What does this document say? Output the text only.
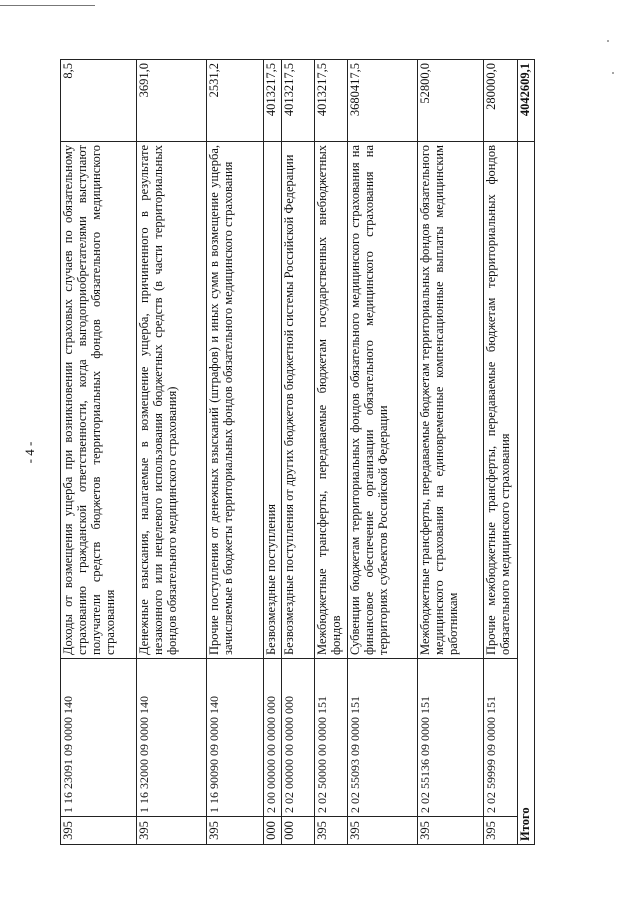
- 4 -
395	1 16 23091 09 0000 140	Доходы от возмещения ущерба при возникновении страховых случаев по обязательному страхованию гражданской ответственности, когда выгодоприобретателями выступают получатели средств бюджетов территориальных фондов обязательного медицинского страхования	8,5
395	1 16 32000 09 0000 140	Денежные взыскания, налагаемые в возмещение ущерба, причиненного в результате незаконного или нецелевого использования бюджетных средств (в части территориальных фондов обязательного медицинского страхования)	3691,0
395	1 16 90090 09 0000 140	Прочие поступления от денежных взысканий (штрафов) и иных сумм в возмещение ущерба, зачисляемые в бюджеты территориальных фондов обязательного медицинского страхования	2531,2
000	2 00 00000 00 0000 000	Безвозмездные поступления	4013217,5
000	2 02 00000 00 0000 000	Безвозмездные поступления от других бюджетов бюджетной системы Российской Федерации	4013217,5
395	2 02 50000 00 0000 151	Межбюджетные трансферты, передаваемые бюджетам государственных внебюджетных фондов	4013217,5
395	2 02 55093 09 0000 151	Субвенции бюджетам территориальных фондов обязательного медицинского страхования на финансовое обеспечение организации обязательного медицинского страхования на территориях субъектов Российской Федерации	3680417,5
395	2 02 55136 09 0000 151	Межбюджетные трансферты, передаваемые бюджетам территориальных фондов обязательного медицинского страхования на единовременные компенсационные выплаты медицинским работникам	52800,0
395	2 02 59999 09 0000 151	Прочие межбюджетные трансферты, передаваемые бюджетам территориальных фондов обязательного медицинского страхования	280000,0
Итого			4042609,1
